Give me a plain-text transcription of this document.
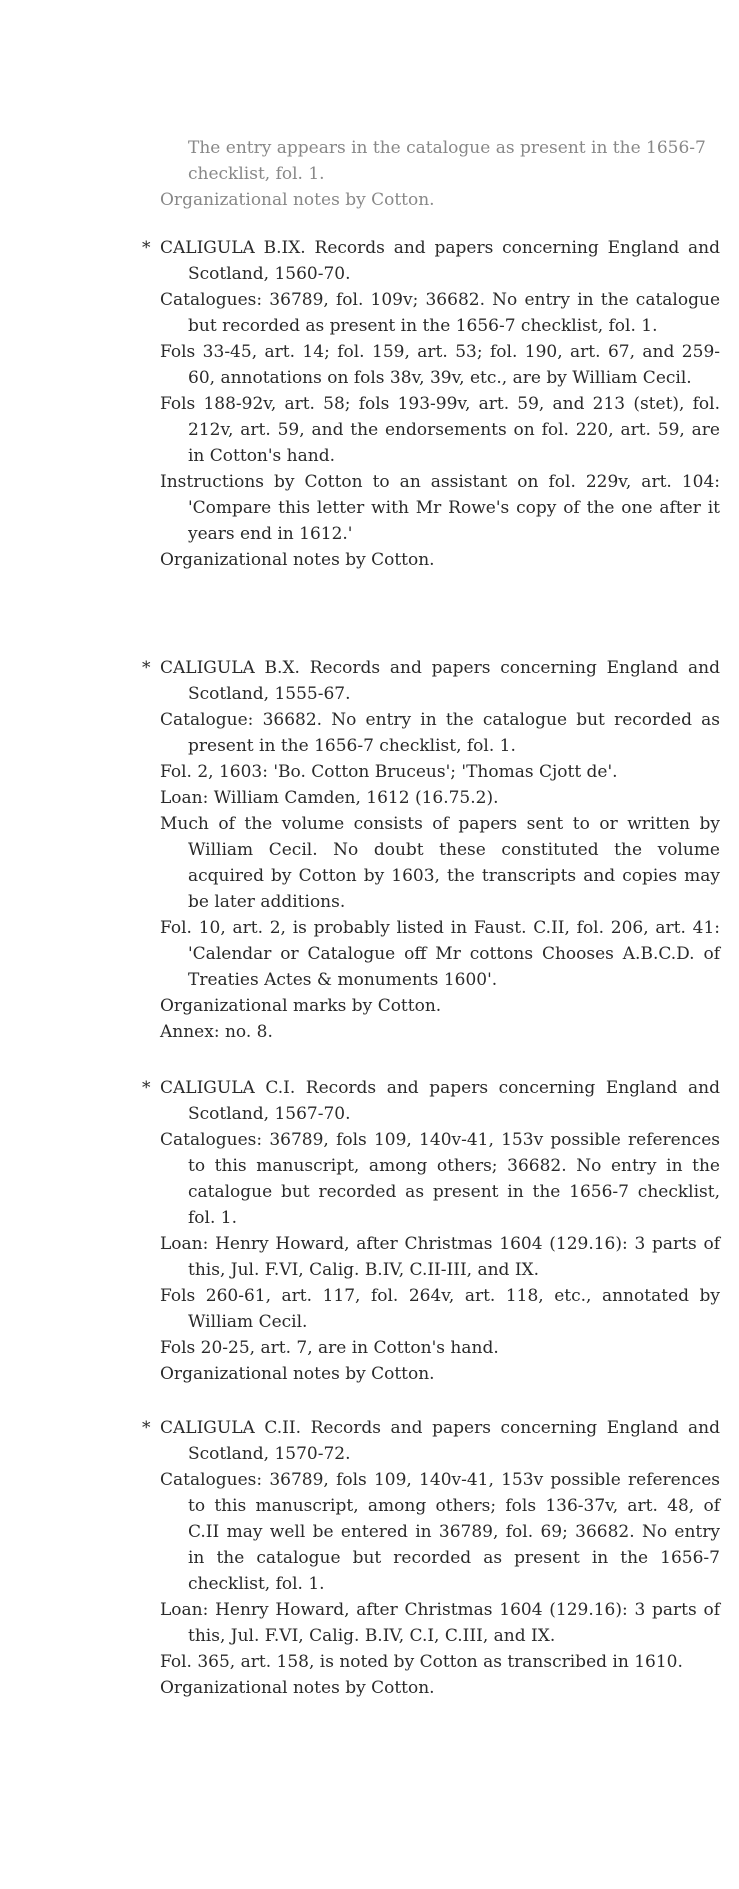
The entry appears in the catalogue as present in the 1656-7
checklist, fol. 1.
Organizational notes by Cotton.
* CALIGULA B.IX. Records and papers concerning England and Scotland, 1560-70.
Catalogues: 36789, fol. 109v; 36682. No entry in the catalogue but recorded as present in the 1656-7 checklist, fol. 1.
Fols 33-45, art. 14; fol. 159, art. 53; fol. 190, art. 67, and 259-60, annotations on fols 38v, 39v, etc., are by William Cecil.
Fols 188-92v, art. 58; fols 193-99v, art. 59, and 213 (stet), fol. 212v, art. 59, and the endorsements on fol. 220, art. 59, are in Cotton's hand.
Instructions by Cotton to an assistant on fol. 229v, art. 104: 'Compare this letter with Mr Rowe's copy of the one after it years end in 1612.'
Organizational notes by Cotton.
* CALIGULA B.X. Records and papers concerning England and Scotland, 1555-67.
Catalogue: 36682. No entry in the catalogue but recorded as present in the 1656-7 checklist, fol. 1.
Fol. 2, 1603: 'Bo. Cotton Bruceus'; 'Thomas Cjott de'.
Loan: William Camden, 1612 (16.75.2).
Much of the volume consists of papers sent to or written by William Cecil. No doubt these constituted the volume acquired by Cotton by 1603, the transcripts and copies may be later additions.
Fol. 10, art. 2, is probably listed in Faust. C.II, fol. 206, art. 41: 'Calendar or Catalogue off Mr cottons Chooses A.B.C.D. of Treaties Actes & monuments 1600'.
Organizational marks by Cotton.
Annex: no. 8.
* CALIGULA C.I. Records and papers concerning England and Scotland, 1567-70.
Catalogues: 36789, fols 109, 140v-41, 153v possible references to this manuscript, among others; 36682. No entry in the catalogue but recorded as present in the 1656-7 checklist, fol. 1.
Loan: Henry Howard, after Christmas 1604 (129.16): 3 parts of this, Jul. F.VI, Calig. B.IV, C.II-III, and IX.
Fols 260-61, art. 117, fol. 264v, art. 118, etc., annotated by William Cecil.
Fols 20-25, art. 7, are in Cotton's hand.
Organizational notes by Cotton.
* CALIGULA C.II. Records and papers concerning England and Scotland, 1570-72.
Catalogues: 36789, fols 109, 140v-41, 153v possible references to this manuscript, among others; fols 136-37v, art. 48, of C.II may well be entered in 36789, fol. 69; 36682. No entry in the catalogue but recorded as present in the 1656-7 checklist, fol. 1.
Loan: Henry Howard, after Christmas 1604 (129.16): 3 parts of this, Jul. F.VI, Calig. B.IV, C.I, C.III, and IX.
Fol. 365, art. 158, is noted by Cotton as transcribed in 1610.
Organizational notes by Cotton.
